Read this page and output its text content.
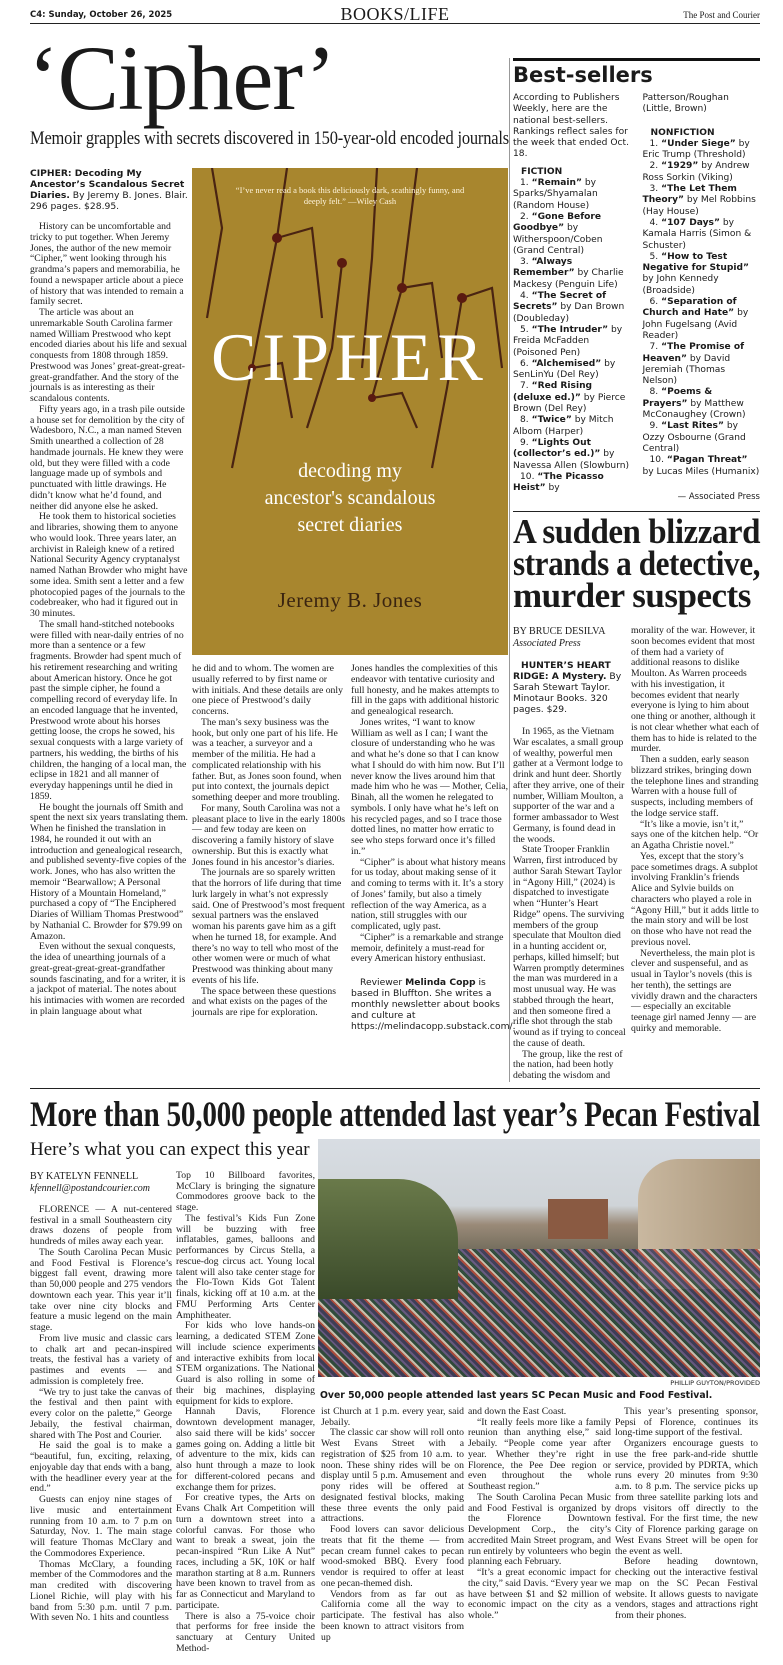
C4: Sunday, October 26, 2025	BOOKS/LIFE	The Post and Courier
‘Cipher’
Memoir grapples with secrets discovered in 150-year-old encoded journals
CIPHER: Decoding My Ancestor’s Scandalous Secret Diaries. By Jeremy B. Jones. Blair. 296 pages. $28.95.

History can be uncomfortable and tricky to put together. When Jeremy Jones, the author of the new memoir “Cipher,” went looking through his grandma’s papers and memorabilia, he found a newspaper article about a piece of history that was intended to remain a family secret.

The article was about an unremarkable South Carolina farmer named William Prestwood who kept encoded diaries about his life and sexual conquests from 1808 through 1859. Prestwood was Jones’ great-great-great-great-grandfather. And the story of the journals is as interesting as their scandalous contents.

Fifty years ago, in a trash pile outside a house set for demolition by the city of Wadesboro, N.C., a man named Steven Smith unearthed a collection of 28 handmade journals. He knew they were old, but they were filled with a code language made up of symbols and punctuated with little drawings. He didn’t know what he’d found, and neither did anyone else he asked.

He took them to historical societies and libraries, showing them to anyone who would look. Three years later, an archivist in Raleigh knew of a retired National Security Agency cryptanalyst named Nathan Browder who might have some idea. Smith sent a letter and a few photocopied pages of the journals to the codebreaker, who had it figured out in 30 minutes.

The small hand-stitched notebooks were filled with near-daily entries of no more than a sentence or a few fragments. Browder had spent much of his retirement researching and writing about American history. Once he got past the simple cipher, he found a compelling record of everyday life. In an encoded language that he invented, Prestwood wrote about his horses getting loose, the crops he sowed, his sexual conquests with a large variety of partners, his wedding, the births of his children, the hanging of a local man, the eclipse in 1821 and all manner of everyday happenings until he died in 1859.

He bought the journals off Smith and spent the next six years translating them. When he finished the translation in 1984, he rounded it out with an introduction and genealogical research, and published seventy-five copies of the work. Jones, who has also written the memoir “Bearwallow; A Personal History of a Mountain Homeland,” purchased a copy of “The Enciphered Diaries of William Thomas Prestwood” by Nathanial C. Browder for $79.99 on Amazon.

Even without the sexual conquests, the idea of unearthing journals of a great-great-great-great-grandfather sounds fascinating, and for a writer, it is a jackpot of material. The notes about his intimacies with women are recorded in plain language about what

“I’ve never read a book this deliciously dark, scathingly funny, and deeply felt.” —Wiley Cash
CIPHER
decoding my
ancestor's scandalous
secret diaries
Jeremy B. Jones

he did and to whom. The women are usually referred to by first name or with initials. And these details are only one piece of Prestwood’s daily concerns.

The man’s sexy business was the hook, but only one part of his life. He was a teacher, a surveyor and a member of the militia. He had a complicated relationship with his father. But, as Jones soon found, when put into context, the journals depict something deeper and more troubling.

For many, South Carolina was not a pleasant place to live in the early 1800s — and few today are keen on discovering a family history of slave ownership. But this is exactly what Jones found in his ancestor’s diaries.

The journals are so sparely written that the horrors of life during that time lurk largely in what’s not expressly said. One of Prestwood’s most frequent sexual partners was the enslaved woman his parents gave him as a gift when he turned 18, for example. And there’s no way to tell who most of the other women were or much of what Prestwood was thinking about many events of his life.

The space between these questions and what exists on the pages of the journals are ripe for exploration.

Jones handles the complexities of this endeavor with tentative curiosity and full honesty, and he makes attempts to fill in the gaps with additional historic and genealogical research.

Jones writes, “I want to know William as well as I can; I want the closure of understanding who he was and what he’s done so that I can know what I should do with him now. But I’ll never know the lives around him that made him who he was — Mother, Celia, Binah, all the women he relegated to symbols. I only have what he’s left on his recycled pages, and so I trace those dotted lines, no matter how erratic to see who steps forward once it’s filled in.”

“Cipher” is about what history means for us today, about making sense of it and coming to terms with it. It’s a story of Jones’ family, but also a timely reflection of the way America, as a nation, still struggles with our complicated, ugly past.

“Cipher” is a remarkable and strange memoir, definitely a must-read for every American history enthusiast.

Reviewer Melinda Copp is based in Bluffton. She writes a monthly newsletter about books and culture at https://melindacopp.substack.com/.
Best-sellers
According to Publishers Weekly, here are the national best-sellers. Rankings reflect sales for the week that ended Oct. 18.
FICTION
1. “Remain” by Sparks/Shyamalan (Random House)
2. “Gone Before Goodbye” by Witherspoon/Coben (Grand Central)
3. “Always Remember” by Charlie Mackesy (Penguin Life)
4. “The Secret of Secrets” by Dan Brown (Doubleday)
5. “The Intruder” by Freida McFadden (Poisoned Pen)
6. “Alchemised” by SenLinYu (Del Rey)
7. “Red Rising (deluxe ed.)” by Pierce Brown (Del Rey)
8. “Twice” by Mitch Albom (Harper)
9. “Lights Out (collector’s ed.)” by Navessa Allen (Slowburn)
10. “The Picasso Heist” by Patterson/Roughan (Little, Brown)
NONFICTION
1. “Under Siege” by Eric Trump (Threshold)
2. “1929” by Andrew Ross Sorkin (Viking)
3. “The Let Them Theory” by Mel Robbins (Hay House)
4. “107 Days” by Kamala Harris (Simon & Schuster)
5. “How to Test Negative for Stupid” by John Kennedy (Broadside)
6. “Separation of Church and Hate” by John Fugelsang (Avid Reader)
7. “The Promise of Heaven” by David Jeremiah (Thomas Nelson)
8. “Poems & Prayers” by Matthew McConaughey (Crown)
9. “Last Rites” by Ozzy Osbourne (Grand Central)
10. “Pagan Threat” by Lucas Miles (Humanix)
— Associated Press
A sudden blizzard
strands a detective,
murder suspects
BY BRUCE DESILVA
Associated Press
HUNTER’S HEART RIDGE: A Mystery. By Sarah Stewart Taylor. Minotaur Books. 320 pages. $29.

In 1965, as the Vietnam War escalates, a small group of wealthy, powerful men gather at a Vermont lodge to drink and hunt deer. Shortly after they arrive, one of their number, William Moulton, a supporter of the war and a former ambassador to West Germany, is found dead in the woods.

State Trooper Franklin Warren, first introduced by author Sarah Stewart Taylor in “Agony Hill,” (2024) is dispatched to investigate when “Hunter’s Heart Ridge” opens. The surviving members of the group speculate that Moulton died in a hunting accident or, perhaps, killed himself; but Warren promptly determines the man was murdered in a most unusual way. He was stabbed through the heart, and then someone fired a rifle shot through the stab wound as if trying to conceal the cause of death.

The group, like the rest of the nation, had been hotly debating the wisdom and

morality of the war. However, it soon becomes evident that most of them had a variety of additional reasons to dislike Moulton. As Warren proceeds with his investigation, it becomes evident that nearly everyone is lying to him about one thing or another, although it is not clear whether what each of them has to hide is related to the murder.

Then a sudden, early season blizzard strikes, bringing down the telephone lines and stranding Warren with a house full of suspects, including members of the lodge service staff.

“It’s like a movie, isn’t it,” says one of the kitchen help. “Or an Agatha Christie novel.”

Yes, except that the story’s pace sometimes drags. A subplot involving Franklin’s friends Alice and Sylvie builds on characters who played a role in “Agony Hill,” but it adds little to the main story and will be lost on those who have not read the previous novel.

Nevertheless, the main plot is clever and suspenseful, and as usual in Taylor’s novels (this is her tenth), the settings are vividly drawn and the characters — especially an excitable teenage girl named Jenny — are quirky and memorable.

More than 50,000 people attended last year’s Pecan Festival
Here’s what you can expect this year
BY KATELYN FENNELL
kfennell@postandcourier.com

FLORENCE — A nut-centered festival in a small Southeastern city draws dozens of people from hundreds of miles away each year.

The South Carolina Pecan Music and Food Festival is Florence’s biggest fall event, drawing more than 50,000 people and 275 vendors downtown each year. This year it’ll take over nine city blocks and feature a music legend on the main stage.

From live music and classic cars to chalk art and pecan-inspired treats, the festival has a variety of pastimes and events — and admission is completely free.

“We try to just take the canvas of the festival and then paint with every color on the palette,” George Jebaily, the festival chairman, shared with The Post and Courier.

He said the goal is to make a “beautiful, fun, exciting, relaxing, enjoyable day that ends with a bang, with the headliner every year at the end.”

Guests can enjoy nine stages of live music and entertainment running from 10 a.m. to 7 p.m on Saturday, Nov. 1. The main stage will feature Thomas McClary and the Commodores Experience.

Thomas McClary, a founding member of the Commodores and the man credited with discovering Lionel Richie, will play with his band from 5:30 p.m. until 7 p.m. With seven No. 1 hits and countless

Top 10 Billboard favorites, McClary is bringing the signature Commodores groove back to the stage.

The festival’s Kids Fun Zone will be buzzing with free inflatables, games, balloons and performances by Circus Stella, a rescue-dog circus act. Young local talent will also take center stage for the Flo-Town Kids Got Talent finals, kicking off at 10 a.m. at the FMU Performing Arts Center Amphitheater.

For kids who love hands-on learning, a dedicated STEM Zone will include science experiments and interactive exhibits from local STEM organizations. The National Guard is also rolling in some of their big machines, displaying equipment for kids to explore.

Hannah Davis, Florence downtown development manager, also said there will be kids’ soccer games going on. Adding a little bit of adventure to the mix, kids can also hunt through a maze to look for different-colored pecans and exchange them for prizes.

For creative types, the Arts on Evans Chalk Art Competition will turn a downtown street into a colorful canvas. For those who want to break a sweat, join the pecan-inspired “Run Like A Nut” races, including a 5K, 10K or half marathon starting at 8 a.m. Runners have been known to travel from as far as Connecticut and Maryland to participate.

There is also a 75-voice choir that performs for free inside the sanctuary at Century United Method-

PHILLIP GUYTON/PROVIDED
Over 50,000 people attended last years SC Pecan Music and Food Festival.

ist Church at 1 p.m. every year, said Jebaily.

The classic car show will roll onto West Evans Street with a registration of $25 from 10 a.m. to noon. These shiny rides will be on display until 5 p.m. Amusement and pony rides will be offered at designated festival blocks, making these three events the only paid attractions.

Food lovers can savor delicious treats that fit the theme — from pecan cream funnel cakes to pecan wood-smoked BBQ. Every food vendor is required to offer at least one pecan-themed dish.

Vendors from as far out as California come all the way to participate. The festival has also been known to attract visitors from up

and down the East Coast.

“It really feels more like a family reunion than anything else,” said Jebaily. “People come year after year. Whether they’re right in Florence, the Pee Dee region or even throughout the whole Southeast region.”

The South Carolina Pecan Music and Food Festival is organized by the Florence Downtown Development Corp., the city’s accredited Main Street program, and run entirely by volunteers who begin planning each February.

“It’s a great economic impact for the city,” said Davis. “Every year we have between $1 and $2 million of economic impact on the city as a whole.”

This year’s presenting sponsor, Pepsi of Florence, continues its long-time support of the festival.

Organizers encourage guests to use the free park-and-ride shuttle service, provided by PDRTA, which runs every 20 minutes from 9:30 a.m. to 8 p.m. The service picks up from three satellite parking lots and drops visitors off directly to the festival. For the first time, the new City of Florence parking garage on West Evans Street will be open for the event as well.

Before heading downtown, checking out the interactive festival map on the SC Pecan Festival website. It allows guests to navigate vendors, stages and attractions right from their phones.
